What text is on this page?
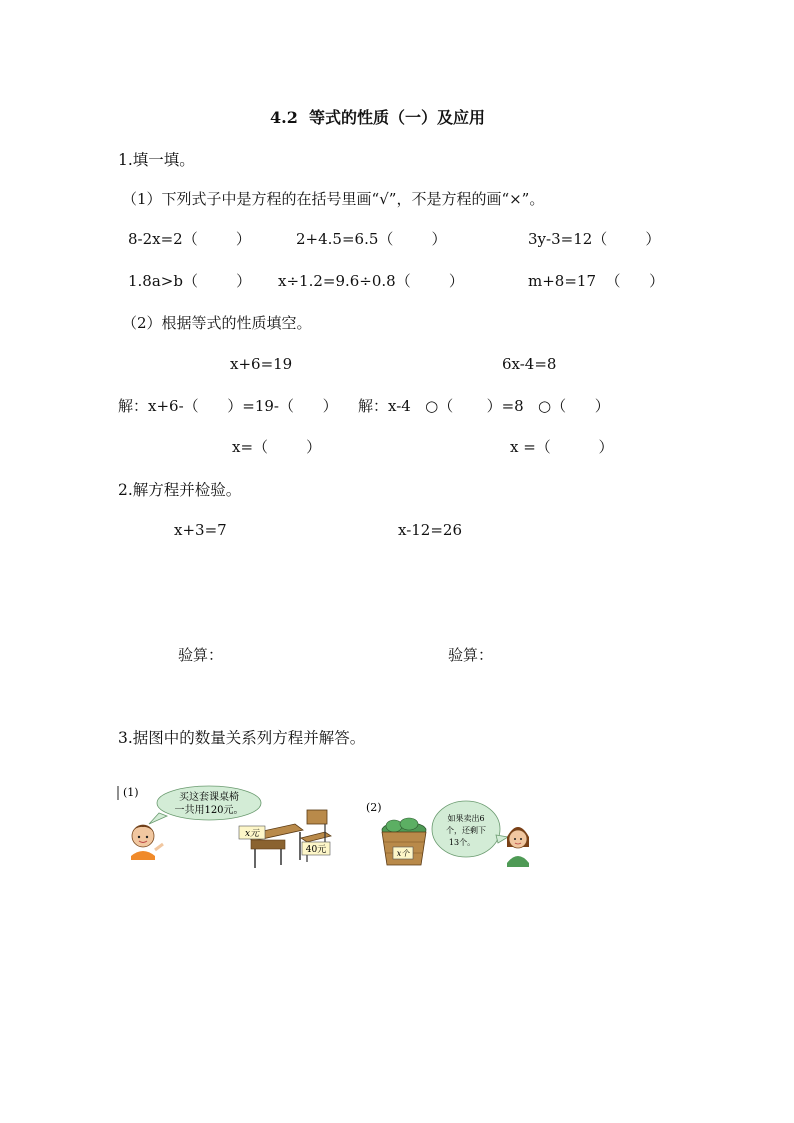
4.2  等式的性质（一）及应用
1.填一填。
（1）下列式子中是方程的在括号里画“√”，不是方程的画“×”。
8-2x=2（        ）	2+4.5=6.5（        ）	3y-3=12（        ）
1.8a>b（        ） x÷1.2=9.6÷0.8（        ）	m+8=17  （      ）
（2）根据等式的性质填空。
x+6=19	6x-4=8
解：x+6-（      ）=19-（      ） 解：x-4   ○（       ）=8   ○（      ）
x=（        ）	x =（          ）
2.解方程并检验。
x+3=7	x-12=26
验算：	验算：
3.据图中的数量关系列方程并解答。
(1)	买这套课桌椅
一共用120元。
x元
40元
(2)
x个
如果卖出6
个，还剩下
13个。
